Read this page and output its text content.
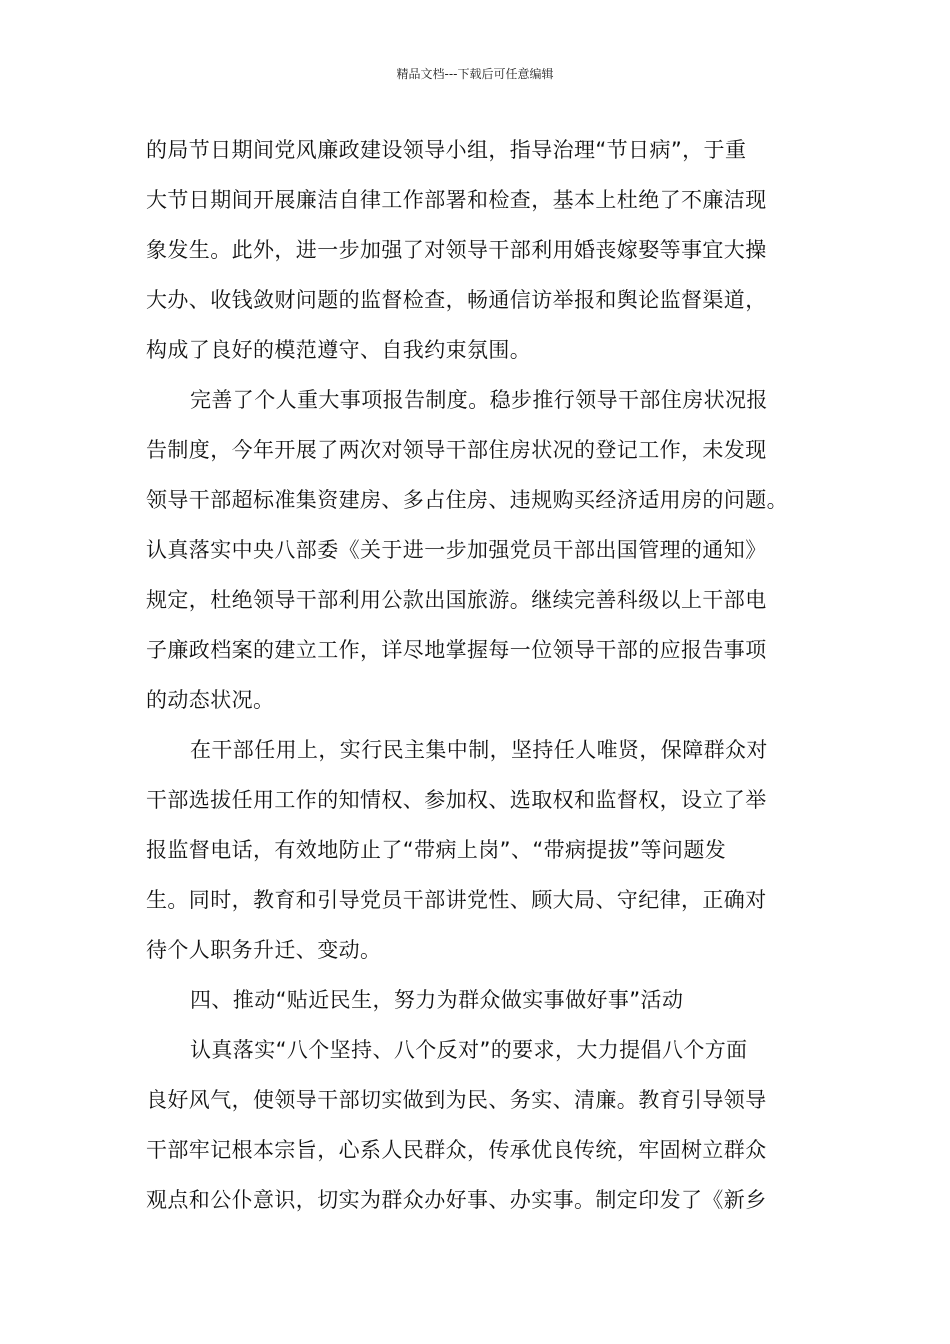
精品文档---下载后可任意编辑
的局节日期间党风廉政建设领导小组，指导治理“节日病”，于重
大节日期间开展廉洁自律工作部署和检查，基本上杜绝了不廉洁现
象发生。此外，进一步加强了对领导干部利用婚丧嫁娶等事宜大操
大办、收钱敛财问题的监督检查，畅通信访举报和舆论监督渠道，
构成了良好的模范遵守、自我约束氛围。
完善了个人重大事项报告制度。稳步推行领导干部住房状况报
告制度，今年开展了两次对领导干部住房状况的登记工作，未发现
领导干部超标准集资建房、多占住房、违规购买经济适用房的问题。
认真落实中央八部委《关于进一步加强党员干部出国管理的通知》
规定，杜绝领导干部利用公款出国旅游。继续完善科级以上干部电
子廉政档案的建立工作，详尽地掌握每一位领导干部的应报告事项
的动态状况。
在干部任用上，实行民主集中制，坚持任人唯贤，保障群众对
干部选拔任用工作的知情权、参加权、选取权和监督权，设立了举
报监督电话，有效地防止了“带病上岗”、“带病提拔”等问题发
生。同时，教育和引导党员干部讲党性、顾大局、守纪律，正确对
待个人职务升迁、变动。
四、推动“贴近民生，努力为群众做实事做好事”活动
认真落实“八个坚持、八个反对”的要求，大力提倡八个方面
良好风气，使领导干部切实做到为民、务实、清廉。教育引导领导
干部牢记根本宗旨，心系人民群众，传承优良传统，牢固树立群众
观点和公仆意识，切实为群众办好事、办实事。制定印发了《新乡
